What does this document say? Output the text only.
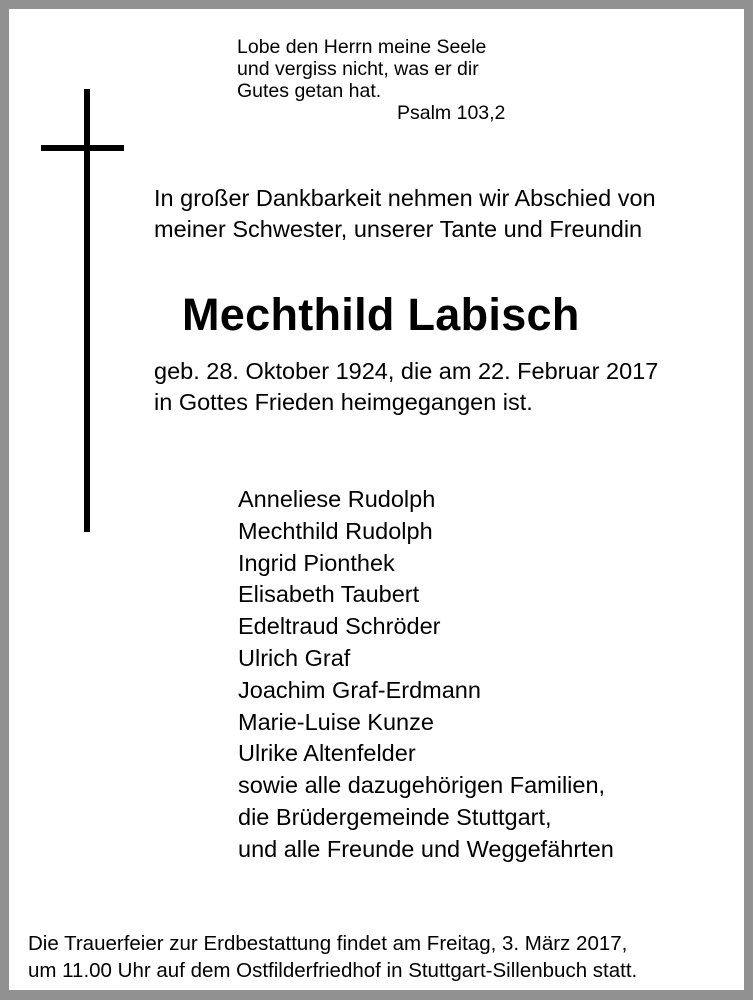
Lobe den Herrn meine Seele
und vergiss nicht, was er dir
Gutes getan hat.
Psalm 103,2
In großer Dankbarkeit nehmen wir Abschied von
meiner Schwester, unserer Tante und Freundin
Mechthild Labisch
geb. 28. Oktober 1924, die am 22. Februar 2017
in Gottes Frieden heimgegangen ist.
Anneliese Rudolph
Mechthild Rudolph
Ingrid Pionthek
Elisabeth Taubert
Edeltraud Schröder
Ulrich Graf
Joachim Graf-Erdmann
Marie-Luise Kunze
Ulrike Altenfelder
sowie alle dazugehörigen Familien,
die Brüdergemeinde Stuttgart,
und alle Freunde und Weggefährten
Die Trauerfeier zur Erdbestattung findet am Freitag, 3. März 2017,
um 11.00 Uhr auf dem Ostfilderfriedhof in Stuttgart-Sillenbuch statt.
